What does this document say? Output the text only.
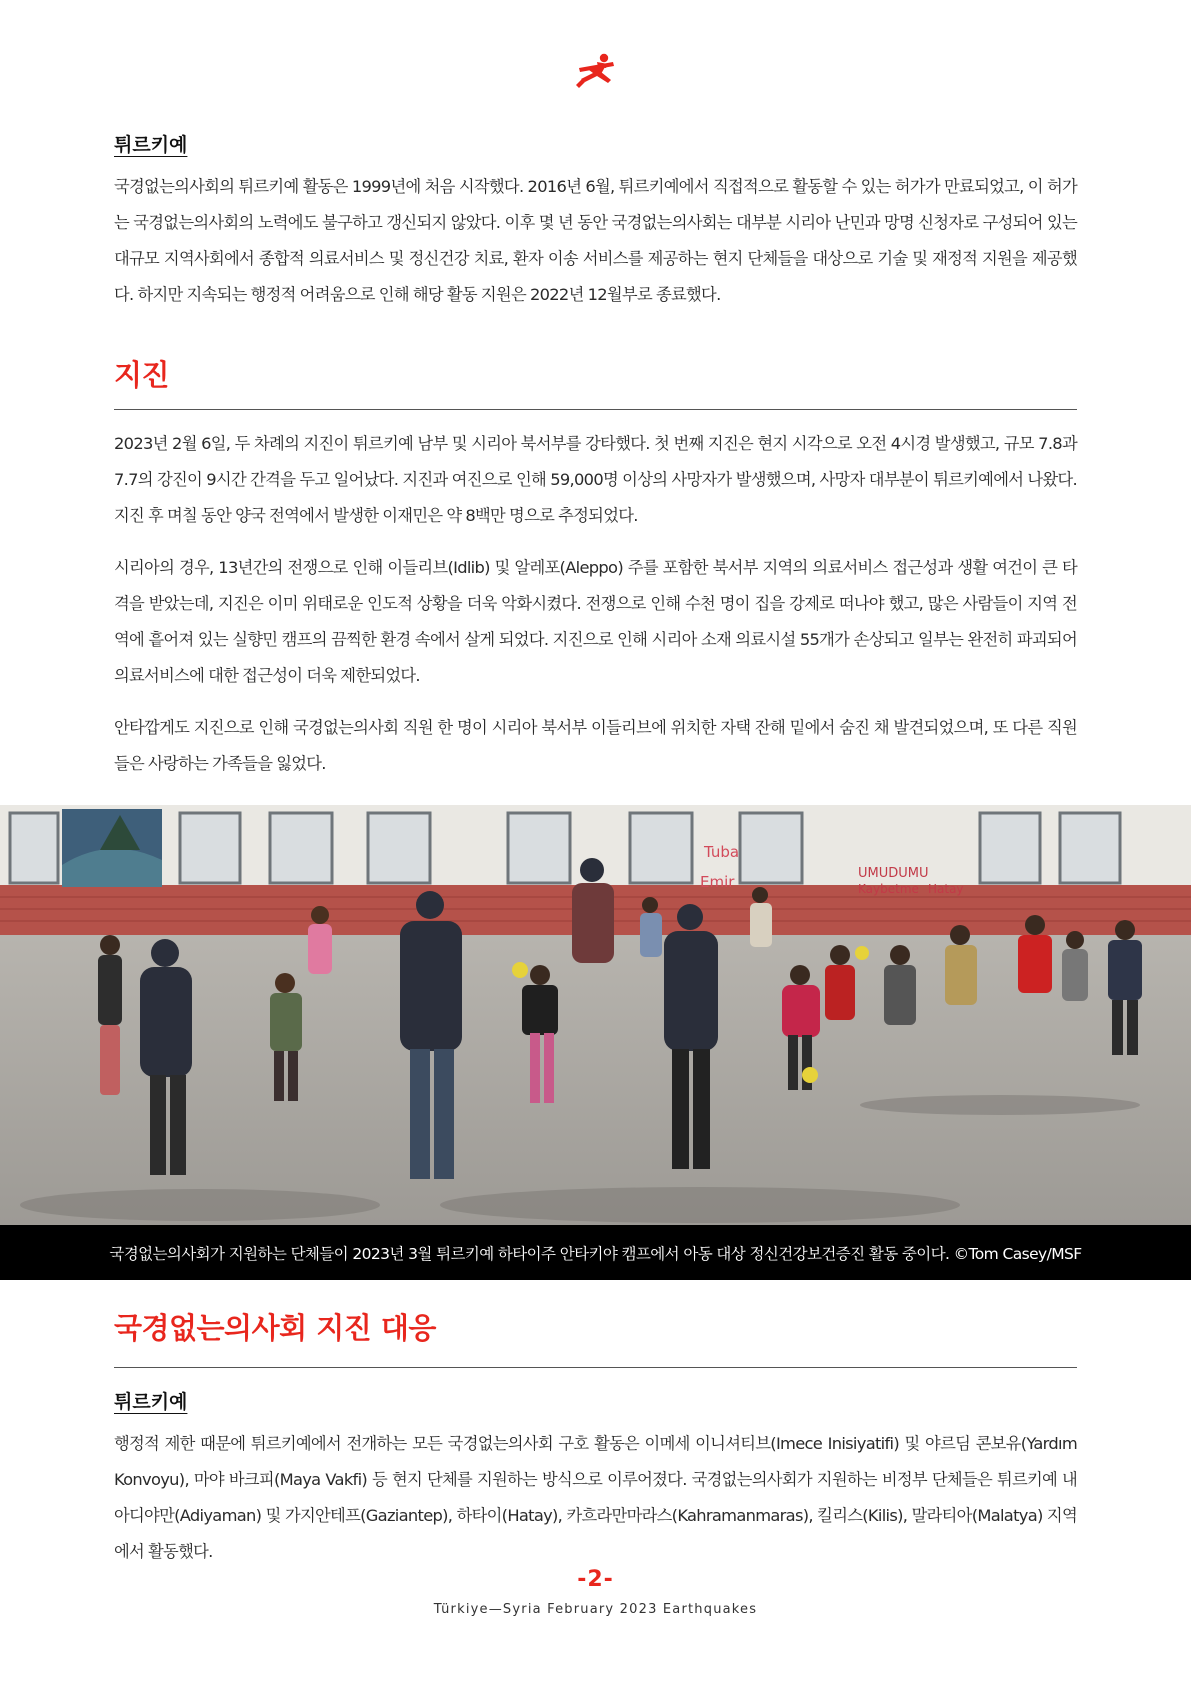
튀르키예

국경없는의사회의 튀르키예 활동은 1999년에 처음 시작했다. 2016년 6월, 튀르키예에서 직접적으로 활동할 수 있는 허가가 만료되었고, 이 허가는 국경없는의사회의 노력에도 불구하고 갱신되지 않았다. 이후 몇 년 동안 국경없는의사회는 대부분 시리아 난민과 망명 신청자로 구성되어 있는 대규모 지역사회에서 종합적 의료서비스 및 정신건강 치료, 환자 이송 서비스를 제공하는 현지 단체들을 대상으로 기술 및 재정적 지원을 제공했다. 하지만 지속되는 행정적 어려움으로 인해 해당 활동 지원은 2022년 12월부로 종료했다.

지진

2023년 2월 6일, 두 차례의 지진이 튀르키예 남부 및 시리아 북서부를 강타했다. 첫 번째 지진은 현지 시각으로 오전 4시경 발생했고, 규모 7.8과 7.7의 강진이 9시간 간격을 두고 일어났다. 지진과 여진으로 인해 59,000명 이상의 사망자가 발생했으며, 사망자 대부분이 튀르키예에서 나왔다. 지진 후 며칠 동안 양국 전역에서 발생한 이재민은 약 8백만 명으로 추정되었다.

시리아의 경우, 13년간의 전쟁으로 인해 이들리브(Idlib) 및 알레포(Aleppo) 주를 포함한 북서부 지역의 의료서비스 접근성과 생활 여건이 큰 타격을 받았는데, 지진은 이미 위태로운 인도적 상황을 더욱 악화시켰다. 전쟁으로 인해 수천 명이 집을 강제로 떠나야 했고, 많은 사람들이 지역 전역에 흩어져 있는 실향민 캠프의 끔찍한 환경 속에서 살게 되었다. 지진으로 인해 시리아 소재 의료시설 55개가 손상되고 일부는 완전히 파괴되어 의료서비스에 대한 접근성이 더욱 제한되었다.

안타깝게도 지진으로 인해 국경없는의사회 직원 한 명이 시리아 북서부 이들리브에 위치한 자택 잔해 밑에서 숨진 채 발견되었으며, 또 다른 직원들은 사랑하는 가족들을 잃었다.

Tuba
Emir	UMUDUMU
Kaybetme Hatay
국경없는의사회가 지원하는 단체들이 2023년 3월 튀르키예 하타이주 안타키야 캠프에서 아동 대상 정신건강보건증진 활동 중이다. ©Tom Casey/MSF
국경없는의사회 지진 대응
튀르키예

행정적 제한 때문에 튀르키예에서 전개하는 모든 국경없는의사회 구호 활동은 이메세 이니셔티브(Imece Inisiyatifi) 및 야르딤 콘보유(Yardım Konvoyu), 마야 바크피(Maya Vakfi) 등 현지 단체를 지원하는 방식으로 이루어졌다. 국경없는의사회가 지원하는 비정부 단체들은 튀르키예 내 아디야만(Adiyaman) 및 가지안테프(Gaziantep), 하타이(Hatay), 카흐라만마라스(Kahramanmaras), 킬리스(Kilis), 말라티아(Malatya) 지역에서 활동했다.

-2-
Türkiye—Syria February 2023 Earthquakes
